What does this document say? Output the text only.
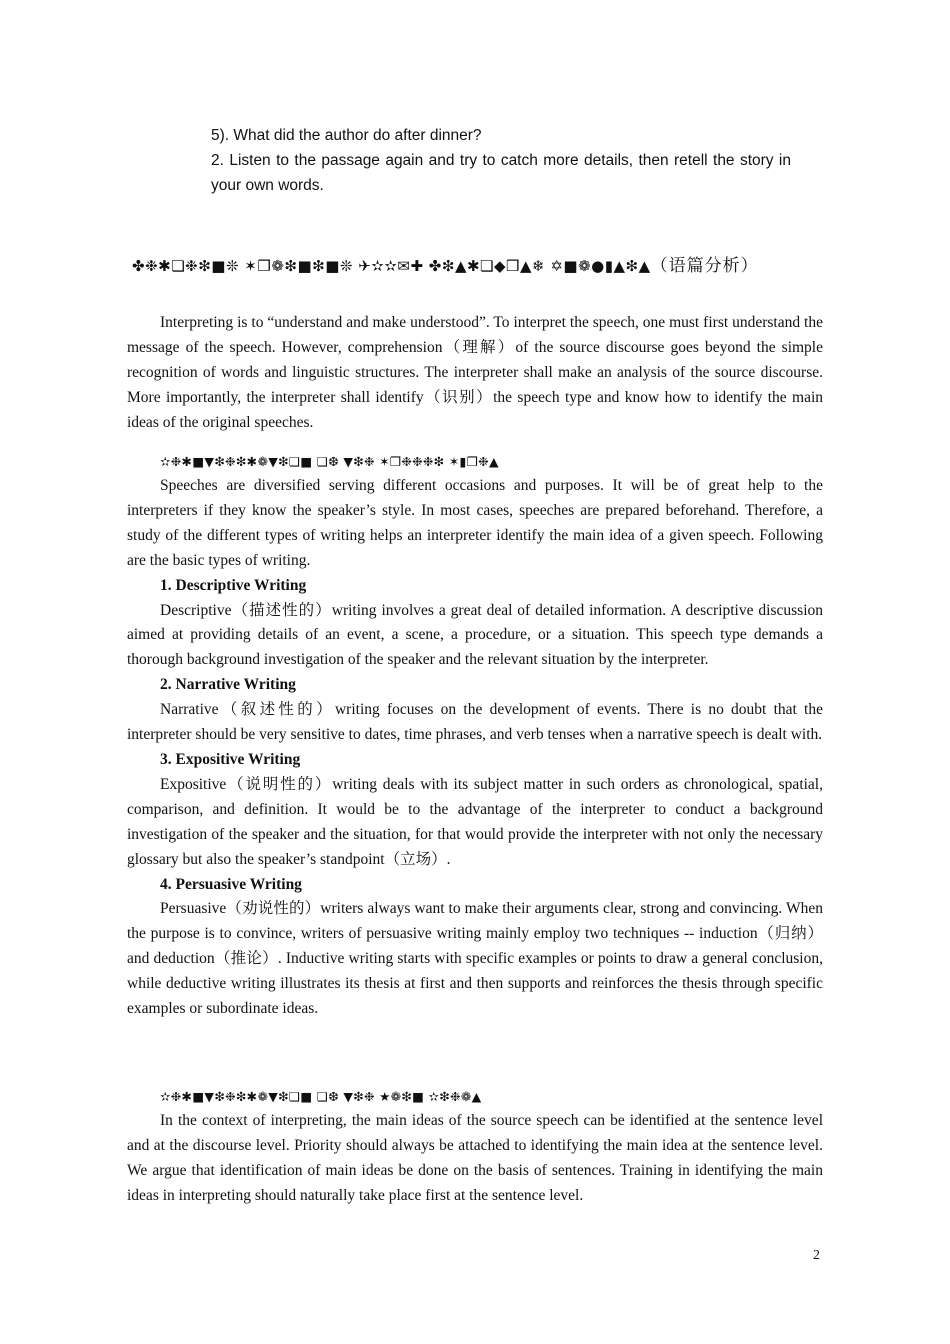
5). What did the author do after dinner?

2. Listen to the passage again and try to catch more details, then retell the story in your own words.

✤❉✱❏❉❇■❊ ✶❒❁❇■❇■❊ ✈✫✫✉✚ ✤❇▲✱❏◆❒▲❄ ✡■❁●▮▲❇▲（语篇分析）

Interpreting is to “understand and make understood”. To interpret the speech, one must first understand the message of the speech. However, comprehension（理解）of the source discourse goes beyond the simple recognition of words and linguistic structures. The interpreter shall make an analysis of the source discourse. More importantly, the interpreter shall identify（识别）the speech type and know how to identify the main ideas of the original speeches.

✫❉✱■▼❇❉❇✱❁▼❇❏■ ❏❆ ▼❇❉ ✶❒❉❉❉❇ ✶▮❒❉▲

Speeches are diversified serving different occasions and purposes. It will be of great help to the interpreters if they know the speaker’s style. In most cases, speeches are prepared beforehand. Therefore, a study of the different types of writing helps an interpreter identify the main idea of a given speech. Following are the basic types of writing.

1. Descriptive Writing

Descriptive（描述性的）writing involves a great deal of detailed information. A descriptive discussion aimed at providing details of an event, a scene, a procedure, or a situation. This speech type demands a thorough background investigation of the speaker and the relevant situation by the interpreter.

2. Narrative Writing

Narrative（叙述性的）writing focuses on the development of events. There is no doubt that the interpreter should be very sensitive to dates, time phrases, and verb tenses when a narrative speech is dealt with.

3. Expositive Writing

Expositive（说明性的）writing deals with its subject matter in such orders as chronological, spatial, comparison, and definition. It would be to the advantage of the interpreter to conduct a background investigation of the speaker and the situation, for that would provide the interpreter with not only the necessary glossary but also the speaker’s standpoint（立场）.

4. Persuasive Writing

Persuasive（劝说性的）writers always want to make their arguments clear, strong and convincing. When the purpose is to convince, writers of persuasive writing mainly employ two techniques -- induction（归纳）and deduction（推论）. Inductive writing starts with specific examples or points to draw a general conclusion, while deductive writing illustrates its thesis at first and then supports and reinforces the thesis through specific examples or subordinate ideas.

✫❉✱■▼❇❉❇✱❁▼❇❏■ ❏❆ ▼❇❉ ★❁❇■ ✫❇❉❁▲

In the context of interpreting, the main ideas of the source speech can be identified at the sentence level and at the discourse level. Priority should always be attached to identifying the main idea at the sentence level. We argue that identification of main ideas be done on the basis of sentences. Training in identifying the main ideas in interpreting should naturally take place first at the sentence level.

2
